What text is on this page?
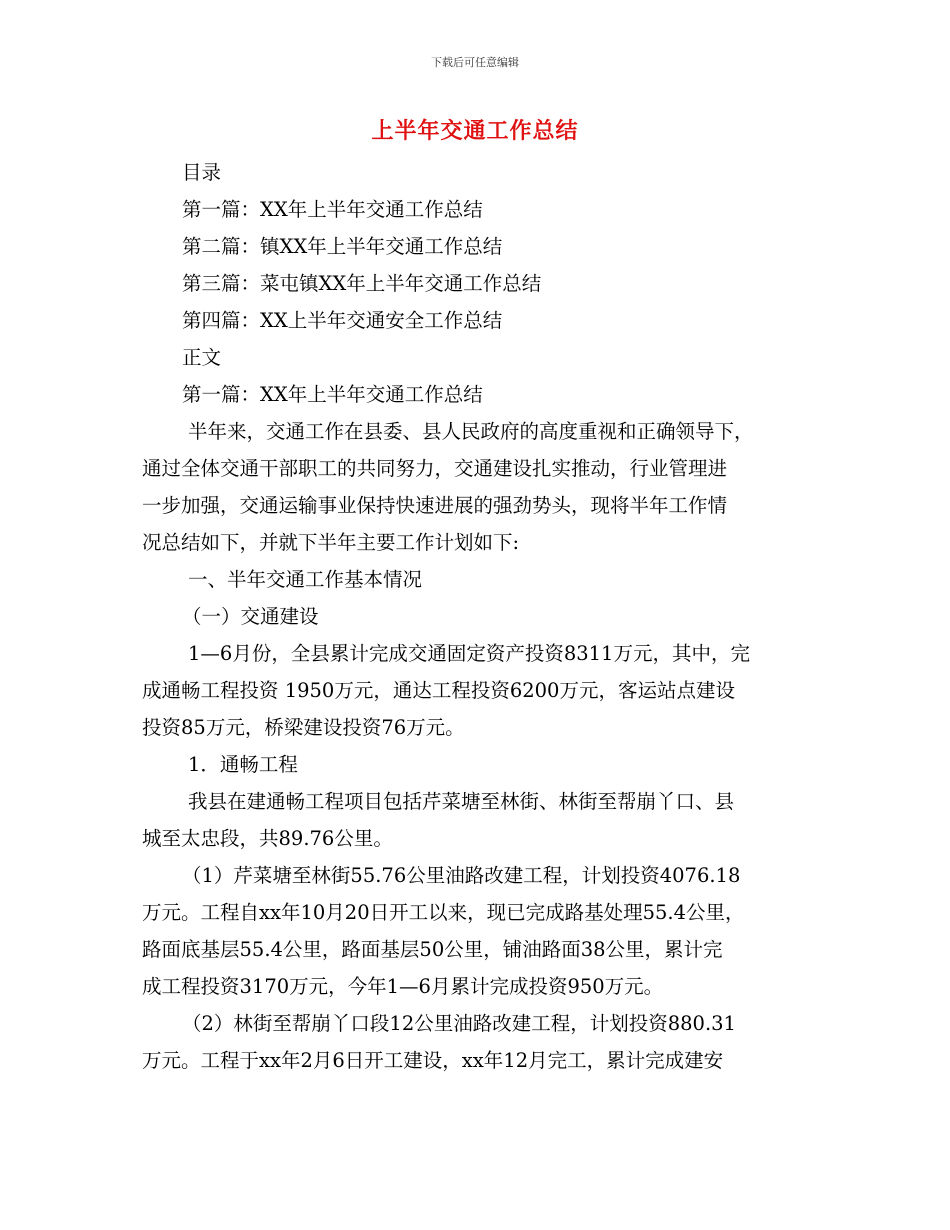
下载后可任意编辑
上半年交通工作总结
目录
第一篇：XX年上半年交通工作总结
第二篇：镇XX年上半年交通工作总结
第三篇：菜屯镇XX年上半年交通工作总结
第四篇：XX上半年交通安全工作总结
正文
第一篇：XX年上半年交通工作总结
半年来，交通工作在县委、县人民政府的高度重视和正确领导下，
通过全体交通干部职工的共同努力，交通建设扎实推动，行业管理进
一步加强，交通运输事业保持快速进展的强劲势头，现将半年工作情
况总结如下，并就下半年主要工作计划如下:
一、半年交通工作基本情况
（一）交通建设
1—6月份，全县累计完成交通固定资产投资8311万元，其中，完
成通畅工程投资 1950万元，通达工程投资6200万元，客运站点建设
投资85万元，桥梁建设投资76万元。
1．通畅工程
我县在建通畅工程项目包括芹菜塘至林街、林街至帮崩丫口、县
城至太忠段，共89.76公里。
（1）芹菜塘至林街55.76公里油路改建工程，计划投资4076.18
万元。工程自xx年10月20日开工以来，现已完成路基处理55.4公里，
路面底基层55.4公里，路面基层50公里，铺油路面38公里，累计完
成工程投资3170万元，今年1—6月累计完成投资950万元。
（2）林街至帮崩丫口段12公里油路改建工程，计划投资880.31
万元。工程于xx年2月6日开工建设，xx年12月完工，累计完成建安
